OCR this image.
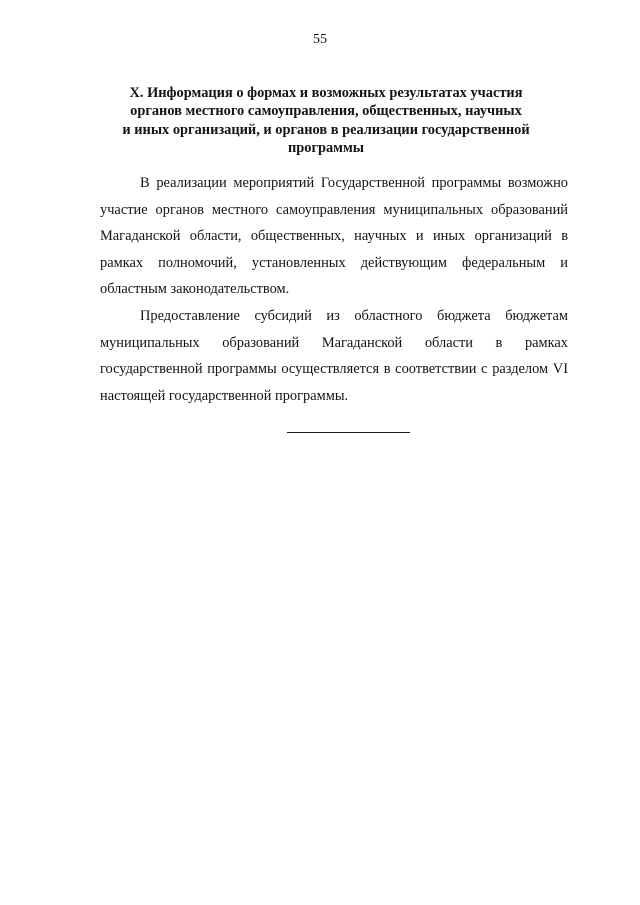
55
X. Информация о формах и возможных результатах участия
органов местного самоуправления, общественных, научных
и иных организаций, и органов в реализации государственной
программы
В реализации мероприятий Государственной программы возможно
участие органов местного самоуправления муниципальных образований
Магаданской области, общественных, научных и иных организаций в
рамках полномочий, установленных действующим федеральным и
областным законодательством.
Предоставление субсидий из областного бюджета бюджетам
муниципальных образований Магаданской области в рамках
государственной программы осуществляется в соответствии с разделом VI
настоящей государственной программы.
